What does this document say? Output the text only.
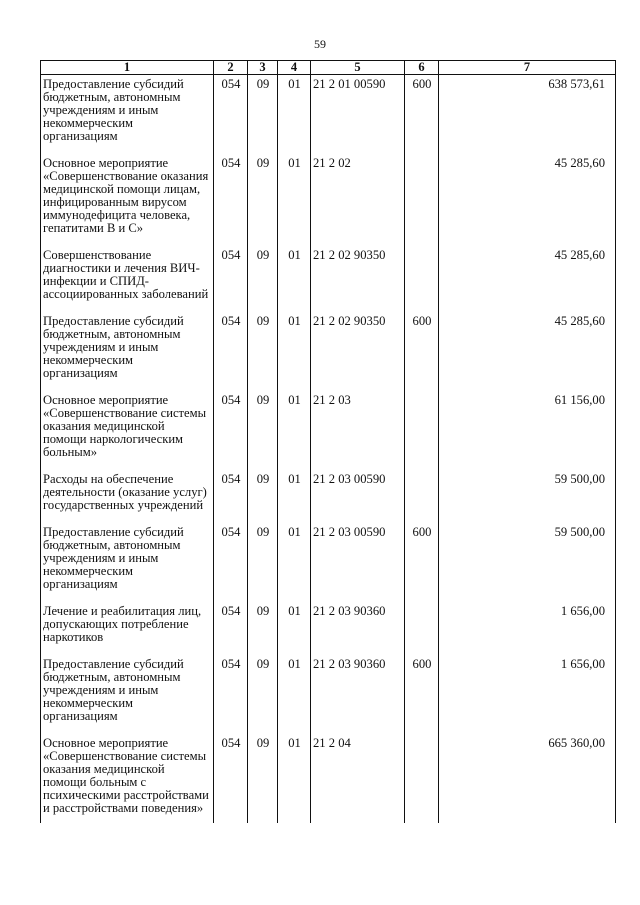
59
1	2	3	4	5	6	7
Предоставление субсидий бюджетным, автономным учреждениям и иным некоммерческим организациям	054	09	01	21 2 01 00590	600	638 573,61
Основное мероприятие «Совершенствование оказания медицинской помощи лицам, инфицированным вирусом иммунодефицита человека, гепатитами В и С»	054	09	01	21 2 02		45 285,60
Совершенствование диагностики и лечения ВИЧ-инфекции и СПИД-ассоциированных заболеваний	054	09	01	21 2 02 90350		45 285,60
Предоставление субсидий бюджетным, автономным учреждениям и иным некоммерческим организациям	054	09	01	21 2 02 90350	600	45 285,60
Основное мероприятие «Совершенствование системы оказания медицинской помощи наркологическим больным»	054	09	01	21 2 03		61 156,00
Расходы на обеспечение деятельности (оказание услуг) государственных учреждений	054	09	01	21 2 03 00590		59 500,00
Предоставление субсидий бюджетным, автономным учреждениям и иным некоммерческим организациям	054	09	01	21 2 03 00590	600	59 500,00
Лечение и реабилитация лиц, допускающих потребление наркотиков	054	09	01	21 2 03 90360		1 656,00
Предоставление субсидий бюджетным, автономным учреждениям и иным некоммерческим организациям	054	09	01	21 2 03 90360	600	1 656,00
Основное мероприятие «Совершенствование системы оказания медицинской помощи больным с психическими расстройствами и расстройствами поведения»	054	09	01	21 2 04		665 360,00
